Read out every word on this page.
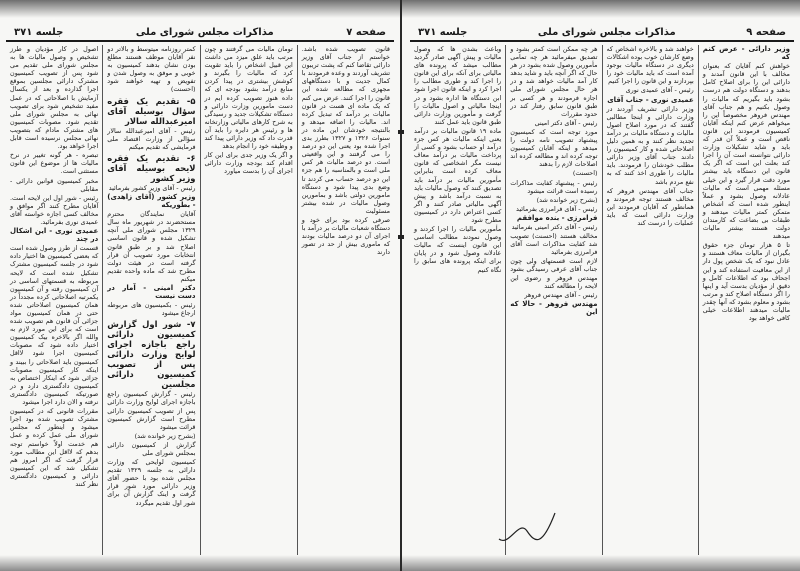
صفحه ۷
مذاکرات مجلس شورای ملی
جلسه ۳۷۱

قانون تصویب شده باشد. خواستم از جناب آقای وزیر دارائی تقاضا کنم که پشت تریبون تشریف آوردند و وعده فرمودند با کمال جدیت و با دستگاههای مجهزی که مطالعه شده این قانون را اجرا کنند. عرض می کنم که یک ماده ای هست در قانون مالیات بر درآمد که تبدیل کرده اند. مالیات را اضافه میدهد و بالنتیجه خودشان این ماده در سنوات ۱۳۲۶ و ۱۳۲۷ بطرز بدی اجرا شده بود یعنی این دو درصد را می گرفتند و این واقعیتی است. دو درصد مالیات هر کس ملی است و بالمناسبه را هم جزء این دو درصد حساب می کردند تا وضع بدی پیدا شود و دستگاه مامورین دولتی باشد و بمامورین وصول مالیات در شده بیشتر مسئولیت

صرفی کرده بود برای خود و دستگاه شعبات مالیات بر درآمد با اجرای آن دو درصد مالیات بودند که ماموری بیش از حد در تصور دارند

تومان مالیات می گرفتند و چون مرتب باید علق میزد می داشت این قبیل اشخاص را باید تقویت کرد که مالیات را بگیرند و کوشش بیشتری در پیدا کردن منابع درآمد بشود بودجه ای که داده هنوز تصویب کرده ایم در دست مامورین وزارت دارائی و دستگاه تشکیلات جدید و رسیدگی به شرح کارهای مالیاتی وزارتخانه ها و رئیس هر دایره را باید آن قدرت داد که وزیر دارائی پیدا کند و وظیفه خود را انجام بدهد

و اگر یک وزیر جدی برای این کار اقدام کند بودجه وزارت دارائی اجرای آن را بدست میاورد

کمتر روزنامه میتوسط و بالاتر دو نفر آقایان موظف هستند مطلع بودن نشان بدهند کمیسیون به خوبی و موفق به وصول شدن و تفویض و تهیه خواهند شود (احسنت)

۵- تقدیم یک فقره سؤال بوسیله آقای امیرعبدالله سالار

رئیس - آقای امیرعبدالله سالار سؤالی از وزارت اقتصاد ملی فرمایشی که تقدیم میکنم

۶- تقدیم یک فقره لایحه بوسیله آقای وزیر کشور

رئیس - آقای وزیر کشور بفرمائید

وزیر کشور (آقای زاهدی) - بطوریکه

آقایان نمایندگان محترم مستحضرند در شهریور ماه سال ۱۳۲۹ مجلس شورای ملی آنچه تشکیل شده و قانون اساسی اصلاح شد و بر طبق قانون انتخابات مورد تصویب آن قرار گرفته است در هیئت دولت مطرح شد که ماده واحده تقدیم میکنم

دکتر امینی - آمار در دست نیست

رئیس - بکمیسیون های مربوطه ارجاع میشود

۷- شور اول گزارش کمیسیون دارائی راجع باجازه اجرای لوایح وزارت دارائی پس از تصویب کمیسیون دارائی مجلسین

رئیس - گزارش کمیسیون راجع باجازه اجرای لوایح وزارت دارائی پس از تصویب کمیسیون دارائی مطرح است گزارش کمیسیون قرائت میشود

(بشرح زیر خوانده شد)

گزارش از کمیسیون دارائی بمجلس شورای ملی

کمیسیون لوایحی که وزارت دارائی به جلسه ۱۳۲۹ تقدیم مجلس شده بود با حضور آقای وزیر دارائی مورد شور قرار گرفت و اینک گزارش آن برای شور اول تقدیم میگردد

اصول در کار مؤدیان و طرز تشخیص و وصول مالیات ها به مجلس شورای ملی تقدیم می شود پس از تصویب کمیسیون مشترک دارائی مجلسین بموقع اجرا گذارده و بعد از یکسال آزمایش با اصلاحاتی که در عمل مفید تشخیص شود برای تصویب نهائی به مجلس شورای ملی تقدیم شود. مصوبات کمیسیون های مشترک مادام که بتصویب نهائی مجلس نرسیده است قابل اجرا خواهد بود.

تبصره - هر گونه تغییر در نرخ مالیات ها از موضوع این قانون مستثنی است.

مخبر کمیسیون قوانین دارائی - مقابلی

رئیس - شور اول این لایحه است. آقایان مطرح کنند اگر موافق و مخالف کسی اجازه خواسته آقای عمیدی نوری بفرمائید.

عمیدی نوری - این اشکال در چند

قسمت از طرز وصول شده است که بعضی کمیسیون ها اختیار داده شود در جلسه کمیسیون مشترک تشکیل شده است که لایحه مربوطه به قسمتهای اساسی در آن کمیسیون رفته و آن کمیسیون یکمرتبه اصلاحاتی کرده مجدداً در همان کمیسیون اصلاحاتی شده حتی در همان کمیسیون مواد جزائی آن قانون هم تصویب شده است که برای این مورد لازم به والله اگر بالاخره بیک کمیسیون اختیار داده شود که مصوبات کمیسیون اجرا شود لااقل کمیسیون باید اصلاحاتی را ببیند و اینکه کار کمیسیون مصوبات جزائی شود که اینکار اختصاص به کمیسیون دادگستری دارد و در صورتیکه کمیسیون دادگستری نرفته و الان دارد اجرا میشود

مقررات قانونی که در کمیسیون مشترک تصویب شده بود اجرا میشود و اینطور که مجلس شورای ملی عمل کرده و عمل هم خدمت اولاً خواستم توجه بدهم که لااقل این مطالب مورد قرار گرفت که اگر امروز هم تشکیل شد که این کمیسیون دارائی و کمیسیون دادگستری نظر کنند

صفحه ۹
مذاکرات مجلس شورای ملی
جلسه ۳۷۱

وزیر دارائی - عرض کنم که

خواهش کنم آقایان که بعنوان مخالف با این قانون آمدند و دارائی این را برای اصلاح کامل بدهند و دستگاه دولت هم درست بشود باید بگیریم که مالیات را وصول بکنیم و هم جناب آقای مهندس فروهر مخصوصاً این را میخواهم عرض کنم اینکه آقایان کمیسیون فرمودند این قانون ناقص است و عملاً آن قدر که باید و شاید تشکیلات وزارت دارائی نتوانسته است آن را اجرا کند بعلت این است که اگر یک قانون این دستگاه باید بیشتر مورد دقت قرار گیرد و این خیلی مسئله مهمی است که مالیات عادلانه وصول بشود و عملاً اینطور شده است که اشخاص متمکن کمتر مالیات میدهند و طبقات بی بضاعت که کارمندان دولت هستند بیشتر مالیات میدهند

تا ۵ هزار تومان جزء حقوق بگیران از مالیات معاف هستند و عادل نبود که یک شخص پول دار از این معافیت استفاده کند و این اجحاف بود که اطلاعات کامل و دقیق از مؤدیان بدست آید و اینها را اگر دستگاه اصلاح کند و مرتب بشود و معلوم بشود که آنها چقدر مالیات میدهند اطلاعات خیلی کافی خواهد بود

خواهند شد و بالاخره اشخاص که وضع کارشان خوب بوده اشکالات دیگری در دستگاه مالیات بوجود آمده است که باید مالیات خود را بپردازند و این قانون را اجرا کنیم

رئیس - آقای عمیدی نوری

عمیدی نوری - جناب آقای

وزیر دارائی تشریف آوردند در وزارت دارائی و اینجا مطالبی گفتند که در مورد اصلاح اصول مالیات و دستگاه مالیات بر درآمد تجدید نظر کنند و به همین دلیل اصلاحاتی شده و کار کمیسیون را دادند جناب آقای وزیر دارائی مطلب خودشان را فرمودند. باید مالیات را طوری اخذ کنند که به نفع مردم باشد

جناب آقای مهندس فروهر که مخالف هستند توجه فرمودند و همانطور که آقایان فرمودند این وزارت دارائی است که باید عملیات را درست کند

هر چه ممکن است کمتر بشود و تصدیق میفرمائید هر چه تمامی مأمورین وصول شده بشود در هر حال که اگر آنچه باید و شاید بدهد کار آمد مالیات خواهد شد و در هر حال مجلس شورای ملی اجازه فرمودند و هر کسی بر طبق قانون سابق رفتار کند در حدود مقررات

رئیس - آقای دکتر امینی

مورد توجه است که کمیسیون پیشنهاد تصویب نامه دولت را میدهد و اینکه آقایان کمیسیون توجه کرده اند و مطالعه کرده اند اصلاحات لازم را بدهند

(احسنت)

رئیس - پیشنهاد کفایت مذاکرات رسیده است قرائت میشود

(بشرح زیر خوانده شد)

رئیس - آقای فرامرزی بفرمائید

فرامرزی - بنده موافقم

رئیس - آقای دکتر امینی بفرمائید

مخالف هستند (احسنت) تصویب شد کفایت مذاکرات است آقای فرامرزی بفرمائید

لازم است قسمتهای ولی چون جناب آقای عرفی رسیدگی بشود مهندس فروهر و رضوی این لایحه را مطالعه کنند

رئیس - آقای مهندس فروهر

مهندس فروهر - حالا که این

وباعث بشدن ها که وصول مالیات و پیش آگهی صادر گردید مطالب میشد که پرونده های مالیاتی برای آنکه برای این قانون را اجرا کند و طوری مطالب را اجرا کرد و اینکه قانون اجرا شود ابن دستگاه ها اداره بشود و در اینجا مالیاتی و اصول مالیات را گرفت و مأمورین وزارت دارائی طبق قانون باید عمل کنند

ماده ۱۹ قانون مالیات بر درآمد یعنی اینکه مالیات هر کس جزء درآمد او حساب بشود و کسی از پرداخت مالیات بر درآمد معاف نیست مگر اشخاصی که قانون معاف کرده است بنابراین مأمورین مالیات بر درآمد باید تصدیق کنند که وصول مالیات باید به نسبت درآمد باشد و پیش آگهی مالیاتی صادر کنند و اگر کسی اعتراض دارد در کمیسیون مطرح شود

مأمورین مالیات را اجرا کردند و وصول نمودند مطالب اساسی این قانون اینست که مالیات عادلانه وصول شود و در پایان برای اینکه پرونده های سابق را نگاه کنیم
